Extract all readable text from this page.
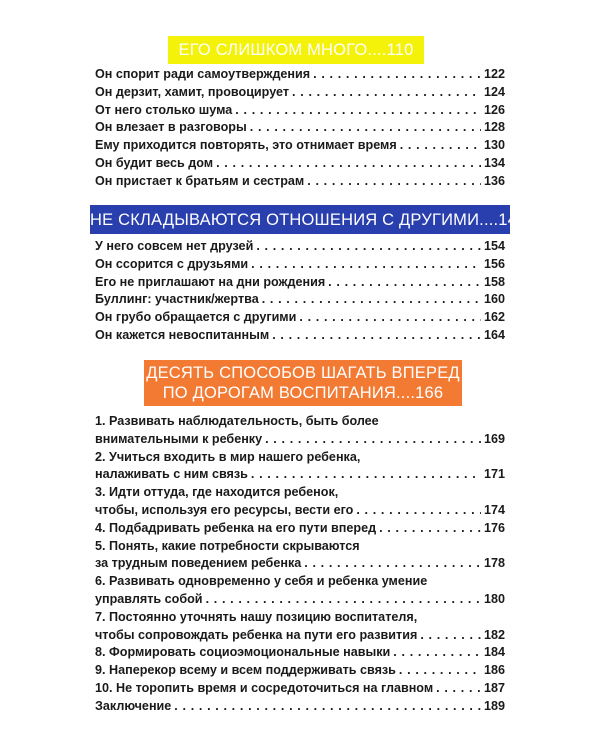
ЕГО СЛИШКОМ МНОГО....110
Он спорит ради самоутверждения . . .	122
Он дерзит, хамит, провоцирует . . .	124
От него столько шума . . .	126
Он влезает в разговоры . . .	128
Ему приходится повторять, это отнимает время . . .	130
Он будит весь дом . . .	134
Он пристает к братьям и сестрам . . .	136
НЕ СКЛАДЫВАЮТСЯ ОТНОШЕНИЯ С ДРУГИМИ....142
У него совсем нет друзей . . .	154
Он ссорится с друзьями . . .	156
Его не приглашают на дни рождения . . .	158
Буллинг: участник/жертва . . .	160
Он грубо обращается с другими . . .	162
Он кажется невоспитанным . . .	164
ДЕСЯТЬ СПОСОБОВ ШАГАТЬ ВПЕРЕД
ПО ДОРОГАМ ВОСПИТАНИЯ....166
1. Развивать наблюдательность, быть более
внимательными к ребенку . . .	169
2. Учиться входить в мир нашего ребенка,
налаживать с ним связь . . .	171
3. Идти оттуда, где находится ребенок,
чтобы, используя его ресурсы, вести его . . .	174
4. Подбадривать ребенка на его пути вперед . . .	176
5. Понять, какие потребности скрываются
за трудным поведением ребенка . . .	178
6. Развивать одновременно у себя и ребенка умение
управлять собой . . .	180
7. Постоянно уточнять нашу позицию воспитателя,
чтобы сопровождать ребенка на пути его развития . . .	182
8. Формировать социоэмоциональные навыки . . .	184
9. Наперекор всему и всем поддерживать связь . . .	186
10. Не торопить время и сосредоточиться на главном . . .	187
Заключение . . .	189
